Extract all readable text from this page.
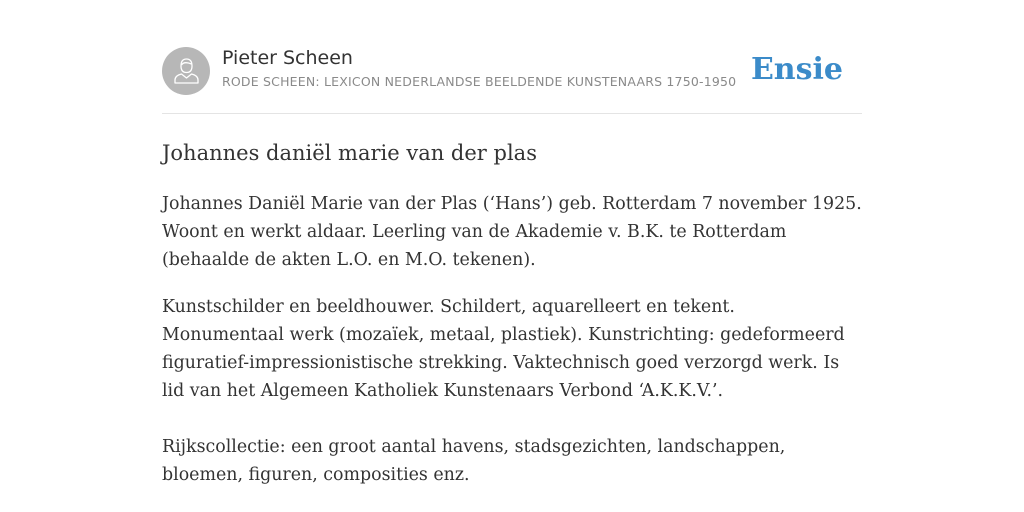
Pieter Scheen
RODE SCHEEN: LEXICON NEDERLANDSE BEELDENDE KUNSTENAARS 1750-1950 Ensie
Johannes daniël marie van der plas

Johannes Daniël Marie van der Plas (‘Hans’) geb. Rotterdam 7 november 1925. Woont en werkt aldaar. Leerling van de Akademie v. B.K. te Rotterdam (behaalde de akten L.O. en M.O. tekenen).

Kunstschilder en beeldhouwer. Schildert, aquarelleert en tekent. Monumentaal werk (mozaïek, metaal, plastiek). Kunstrichting: gedeformeerd figuratief-impressionistische strekking. Vaktechnisch goed verzorgd werk. Is lid van het Algemeen Katholiek Kunstenaars Verbond ‘A.K.K.V.’.

Rijkscollectie: een groot aantal havens, stadsgezichten, landschappen, bloemen, figuren, composities enz.
